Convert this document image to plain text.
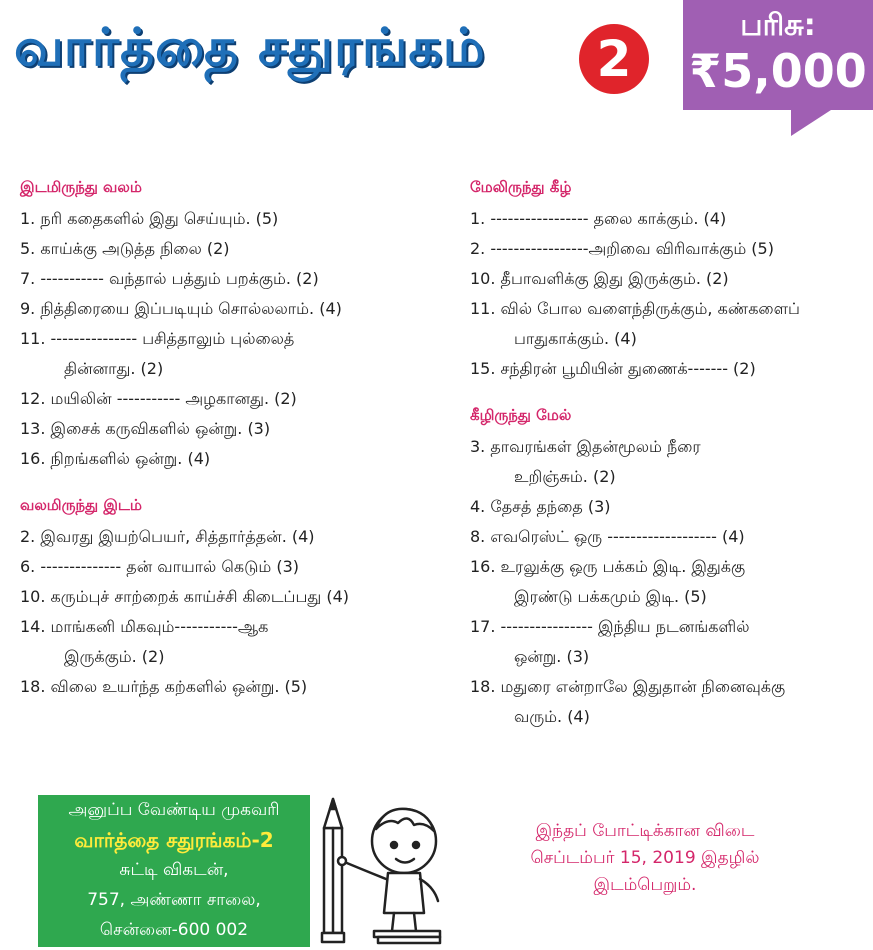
வார்த்தை சதுரங்கம்	2
பரிசு:
₹5,000
இடமிருந்து வலம்
1. நரி கதைகளில் இது செய்யும். (5)
5. காய்க்கு அடுத்த நிலை (2)
7. ----------- வந்தால் பத்தும் பறக்கும். (2)
9. நித்திரையை இப்படியும் சொல்லலாம். (4)
11. --------------- பசித்தாலும் புல்லைத்
தின்னாது. (2)
12. மயிலின் ----------- அழகானது. (2)
13. இசைக் கருவிகளில் ஒன்று. (3)
16. நிறங்களில் ஒன்று. (4)
வலமிருந்து இடம்
2. இவரது இயற்பெயர், சித்தார்த்தன். (4)
6. -------------- தன் வாயால் கெடும் (3)
10. கரும்புச் சாற்றைக் காய்ச்சி கிடைப்பது (4)
14. மாங்கனி மிகவும்-----------ஆக
இருக்கும். (2)
18. விலை உயர்ந்த கற்களில் ஒன்று. (5)
மேலிருந்து கீழ்
1. ----------------- தலை காக்கும். (4)
2. -----------------அறிவை விரிவாக்கும் (5)
10. தீபாவளிக்கு இது இருக்கும். (2)
11. வில் போல வளைந்திருக்கும், கண்களைப்
பாதுகாக்கும். (4)
15. சந்திரன் பூமியின் துணைக்------- (2)
கீழிருந்து மேல்
3. தாவரங்கள் இதன்மூலம் நீரை
உறிஞ்சும். (2)
4. தேசத் தந்தை (3)
8. எவரெஸ்ட் ஒரு ------------------- (4)
16. உரலுக்கு ஒரு பக்கம் இடி. இதுக்கு
இரண்டு பக்கமும் இடி. (5)
17. ---------------- இந்திய நடனங்களில்
ஒன்று. (3)
18. மதுரை என்றாலே இதுதான் நினைவுக்கு
வரும். (4)
அனுப்ப வேண்டிய முகவரி
வார்த்தை சதுரங்கம்-2
சுட்டி விகடன்,
757, அண்ணா சாலை,
சென்னை-600 002
இந்தப் போட்டிக்கான விடை
செப்டம்பர் 15, 2019 இதழில்
இடம்பெறும்.
